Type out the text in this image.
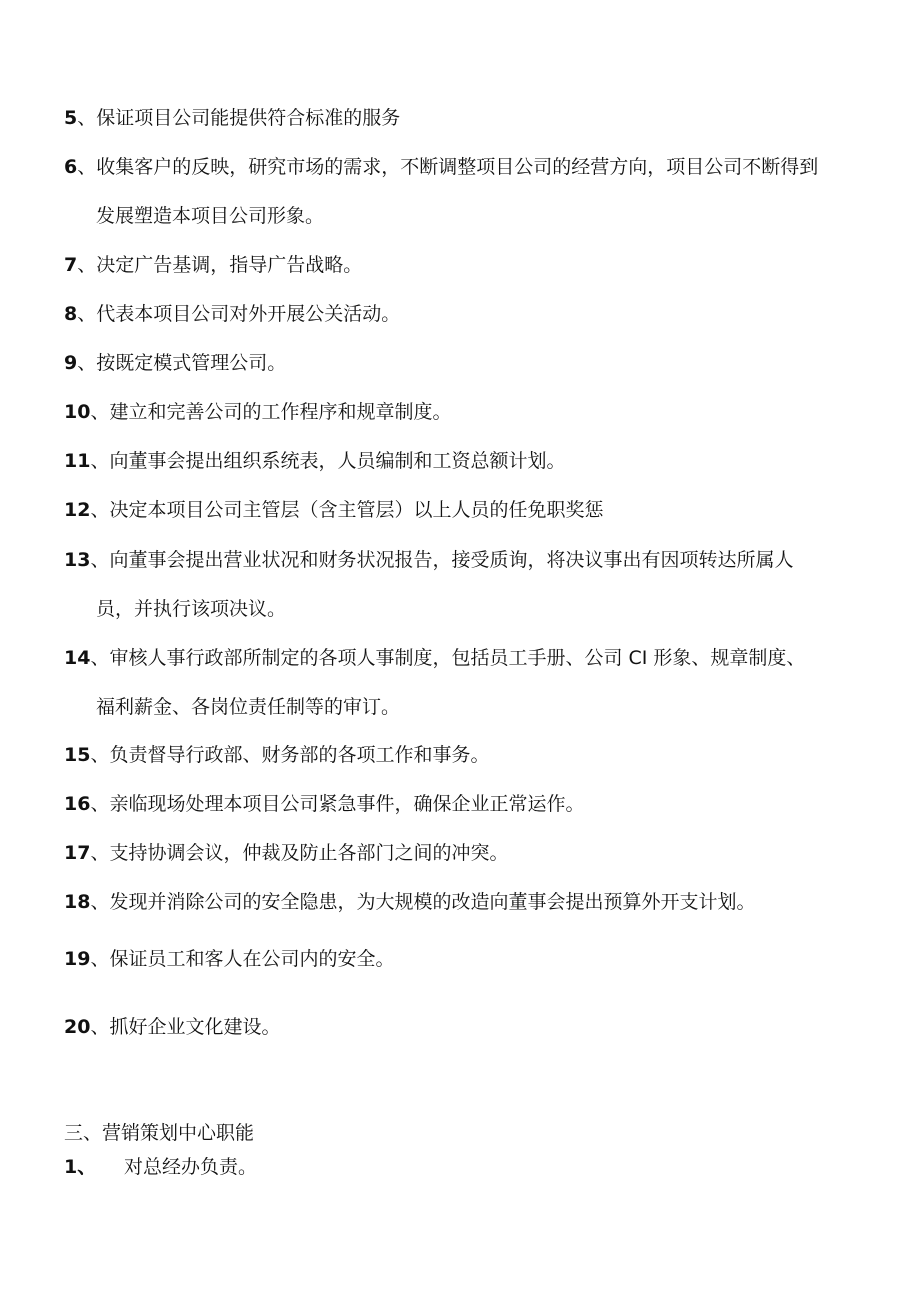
5、保证项目公司能提供符合标准的服务
6、收集客户的反映，研究市场的需求，不断调整项目公司的经营方向，项目公司不断得到
发展塑造本项目公司形象。
7、决定广告基调，指导广告战略。
8、代表本项目公司对外开展公关活动。
9、按既定模式管理公司。
10、建立和完善公司的工作程序和规章制度。
11、向董事会提出组织系统表，人员编制和工资总额计划。
12、决定本项目公司主管层（含主管层）以上人员的任免职奖惩
13、向董事会提出营业状况和财务状况报告，接受质询，将决议事出有因项转达所属人
员，并执行该项决议。
14、审核人事行政部所制定的各项人事制度，包括员工手册、公司 CI 形象、规章制度、
福利薪金、各岗位责任制等的审订。
15、负责督导行政部、财务部的各项工作和事务。
16、亲临现场处理本项目公司紧急事件，确保企业正常运作。
17、支持协调会议，仲裁及防止各部门之间的冲突。
18、发现并消除公司的安全隐患，为大规模的改造向董事会提出预算外开支计划。
19、保证员工和客人在公司内的安全。
20、抓好企业文化建设。
三、营销策划中心职能
1、 对总经办负责。
